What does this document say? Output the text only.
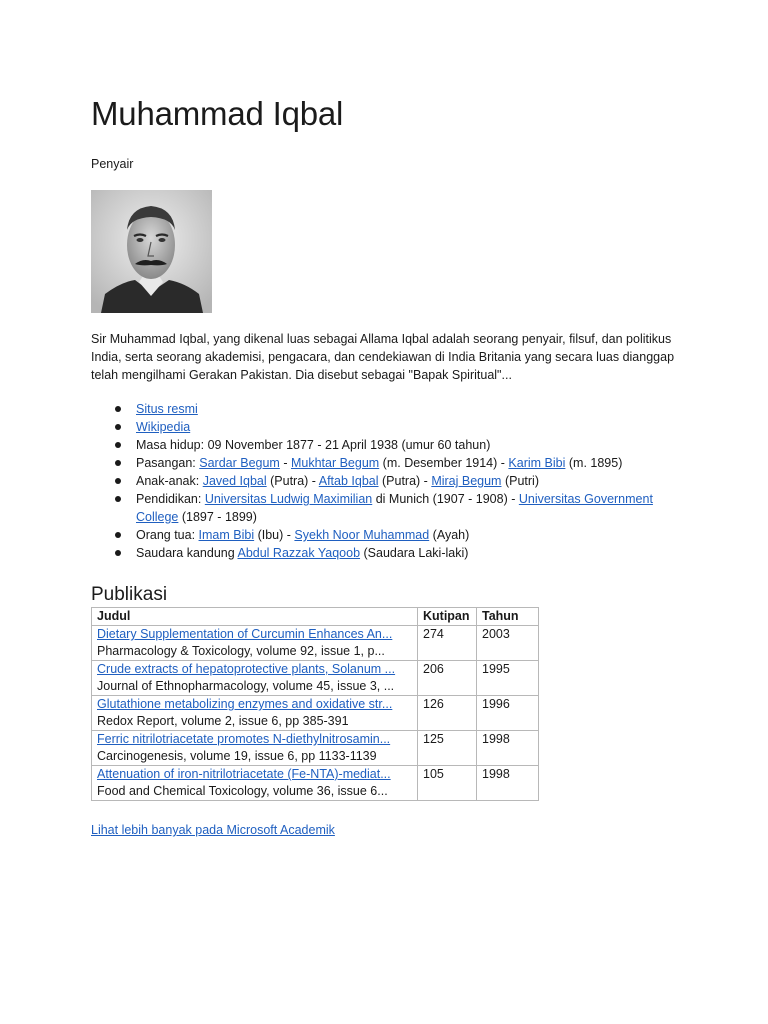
Muhammad Iqbal
Penyair

Sir Muhammad Iqbal, yang dikenal luas sebagai Allama Iqbal adalah seorang penyair, filsuf, dan politikus India, serta seorang akademisi, pengacara, dan cendekiawan di India Britania yang secara luas dianggap telah mengilhami Gerakan Pakistan. Dia disebut sebagai "Bapak Spiritual"...

Situs resmi
Wikipedia
Masa hidup: 09 November 1877 - 21 April 1938 (umur 60 tahun)
Pasangan: Sardar Begum - Mukhtar Begum (m. Desember 1914) - Karim Bibi (m. 1895)
Anak-anak: Javed Iqbal (Putra) - Aftab Iqbal (Putra) - Miraj Begum (Putri)
Pendidikan: Universitas Ludwig Maximilian di Munich (1907 - 1908) - Universitas Government College (1897 - 1899)
Orang tua: Imam Bibi (Ibu) - Syekh Noor Muhammad (Ayah)
Saudara kandung Abdul Razzak Yaqoob (Saudara Laki-laki)
Publikasi
Judul	Kutipan	Tahun

Dietary Supplementation of Curcumin Enhances An...
Pharmacology & Toxicology, volume 92, issue 1, p...	274	2003

Crude extracts of hepatoprotective plants, Solanum ...
Journal of Ethnopharmacology, volume 45, issue 3, ...	206	1995

Glutathione metabolizing enzymes and oxidative str...
Redox Report, volume 2, issue 6, pp 385-391	126	1996

Ferric nitrilotriacetate promotes N-diethylnitrosamin...
Carcinogenesis, volume 19, issue 6, pp 1133-1139	125	1998

Attenuation of iron-nitrilotriacetate (Fe-NTA)-mediat...
Food and Chemical Toxicology, volume 36, issue 6...	105	1998
Lihat lebih banyak pada Microsoft Academik
